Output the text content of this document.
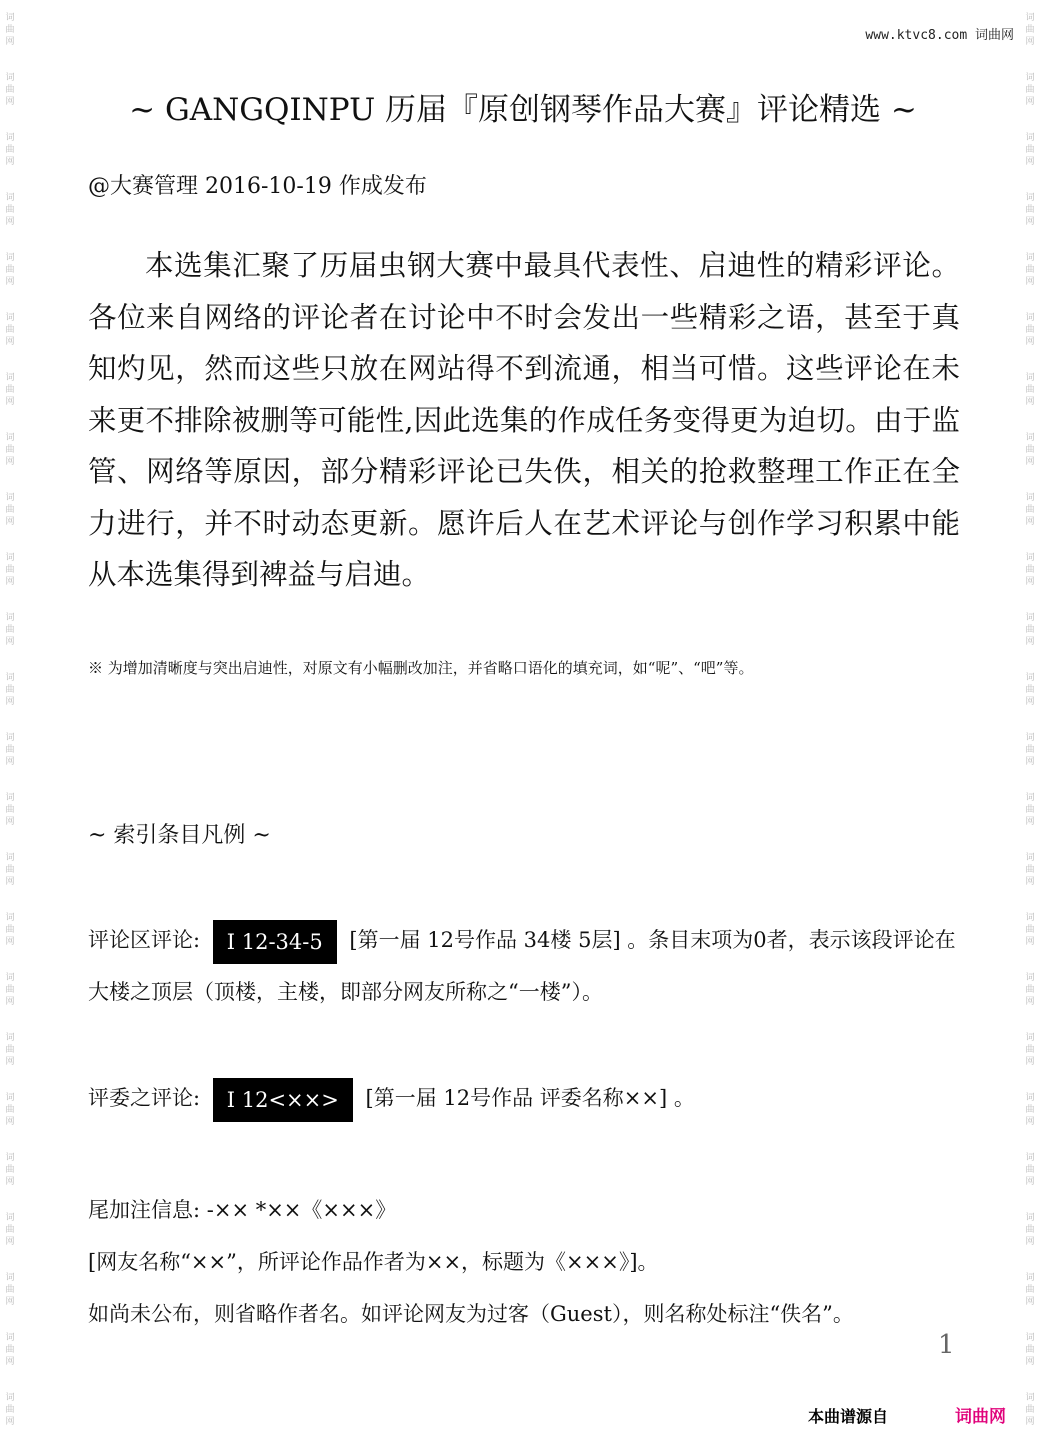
词
曲
网
词
曲
网
词
曲
网
词
曲
网
词
曲
网
词
曲
网
词
曲
网
词
曲
网
词
曲
网
词
曲
网
词
曲
网
词
曲
网
词
曲
网
词
曲
网
词
曲
网
词
曲
网
词
曲
网
词
曲
网
词
曲
网
词
曲
网
词
曲
网
词
曲
网
词
曲
网
词
曲
网
词
曲
网
词
曲
网
词
曲
网
词
曲
网
词
曲
网
词
曲
网
词
曲
网
词
曲
网
词
曲
网
词
曲
网
词
曲
网
词
曲
网
词
曲
网
词
曲
网
词
曲
网
词
曲
网
词
曲
网
词
曲
网
词
曲
网
词
曲
网
词
曲
网
词
曲
网
词
曲
网
词
曲
网
www.ktvc8.com 词曲网
~ GANGQINPU 历届『原创钢琴作品大赛』评论精选 ~
@大赛管理 2016-10-19 作成发布

本选集汇聚了历届虫钢大赛中最具代表性、启迪性的精彩评论。各位来自网络的评论者在讨论中不时会发出一些精彩之语，甚至于真知灼见，然而这些只放在网站得不到流通，相当可惜。这些评论在未来更不排除被删等可能性,因此选集的作成任务变得更为迫切。由于监管、网络等原因，部分精彩评论已失佚，相关的抢救整理工作正在全力进行，并不时动态更新。愿许后人在艺术评论与创作学习积累中能从本选集得到裨益与启迪。

※ 为增加清晰度与突出启迪性，对原文有小幅删改加注，并省略口语化的填充词，如“呢”、“吧”等。
~ 索引条目凡例 ~
评论区评论: Ⅰ 12-34-5 [第一届 12号作品 34楼 5层] 。条目末项为0者，表示该段评论在大楼之顶层（顶楼，主楼，即部分网友所称之“一楼”）。
评委之评论: Ⅰ 12<××> [第一届 12号作品 评委名称××] 。
尾加注信息: -×× *××《×××》
[网友名称“××”，所评论作品作者为××，标题为《×××》]。
如尚未公布，则省略作者名。如评论网友为过客（Guest），则名称处标注“佚名”。
1
本曲谱源自	词曲网
